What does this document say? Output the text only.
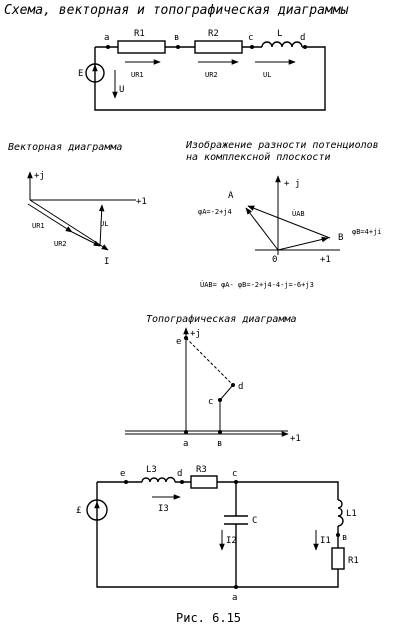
Схема, векторная и топографическая диаграммы
E
U
a	в	c	d
R1	R2	L
UR1	UR2	UL
Векторная диаграмма
+j
+1
UR1
UR2
UL
I
Изображение разности потенциолов
на комплексной плоскости
+ j
+1
A
B
0
φA=-2+j4
φB=4+ji
U̇AB
U̇AB= φA- φB=-2+j4-4-j=-6+j3
Топографическая диаграмма
+j
+1
e
d
c
a	в
£
e	d	c
в
a
L3	R3
C
L1
R1
I3
I2	I1
Рис. 6.15
